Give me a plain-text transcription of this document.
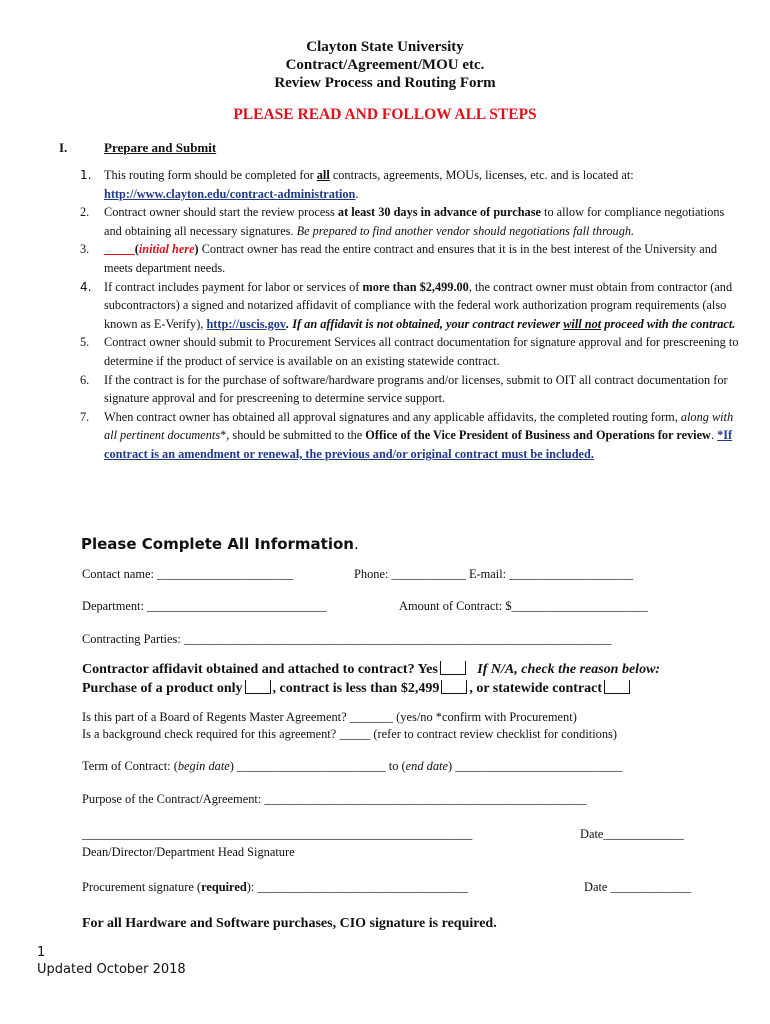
Clayton State University
Contract/Agreement/MOU etc.
Review Process and Routing Form
PLEASE READ AND FOLLOW ALL STEPS
I.	Prepare and Submit
1.	This routing form should be completed for all contracts, agreements, MOUs, licenses, etc. and is located at: http://www.clayton.edu/contract-administration.
2.	Contract owner should start the review process at least 30 days in advance of purchase to allow for compliance negotiations and obtaining all necessary signatures. Be prepared to find another vendor should negotiations fall through.
3.	_____(initial here) Contract owner has read the entire contract and ensures that it is in the best interest of the University and meets department needs.
4.	If contract includes payment for labor or services of more than $2,499.00, the contract owner must obtain from contractor (and subcontractors) a signed and notarized affidavit of compliance with the federal work authorization program requirements (also known as E-Verify), http://uscis.gov. If an affidavit is not obtained, your contract reviewer will not proceed with the contract.
5.	Contract owner should submit to Procurement Services all contract documentation for signature approval and for prescreening to determine if the product of service is available on an existing statewide contract.
6.	If the contract is for the purchase of software/hardware programs and/or licenses, submit to OIT all contract documentation for signature approval and for prescreening to determine service support.
7.	When contract owner has obtained all approval signatures and any applicable affidavits, the completed routing form, along with all pertinent documents*, should be submitted to the Office of the Vice President of Business and Operations for review. *If contract is an amendment or renewal, the previous and/or original contract must be included.
Please Complete All Information.
Contact name: ______________________	Phone: ____________ E-mail: ____________________
Department: _____________________________	Amount of Contract: $______________________
Contracting Parties: _____________________________________________________________________
Contractor affidavit obtained and attached to contract? Yes	If N/A, check the reason below:
Purchase of a product only , contract is less than $2,499 , or statewide contract
Is this part of a Board of Regents Master Agreement? _______ (yes/no *confirm with Procurement)
Is a background check required for this agreement? _____ (refer to contract review checklist for conditions)
Term of Contract: (begin date) ________________________ to (end date) ___________________________
Purpose of the Contract/Agreement: ____________________________________________________
_______________________________________________________________	Date_____________
Dean/Director/Department Head Signature
Procurement signature (required): __________________________________	Date _____________
For all Hardware and Software purchases, CIO signature is required.
1
Updated October 2018
